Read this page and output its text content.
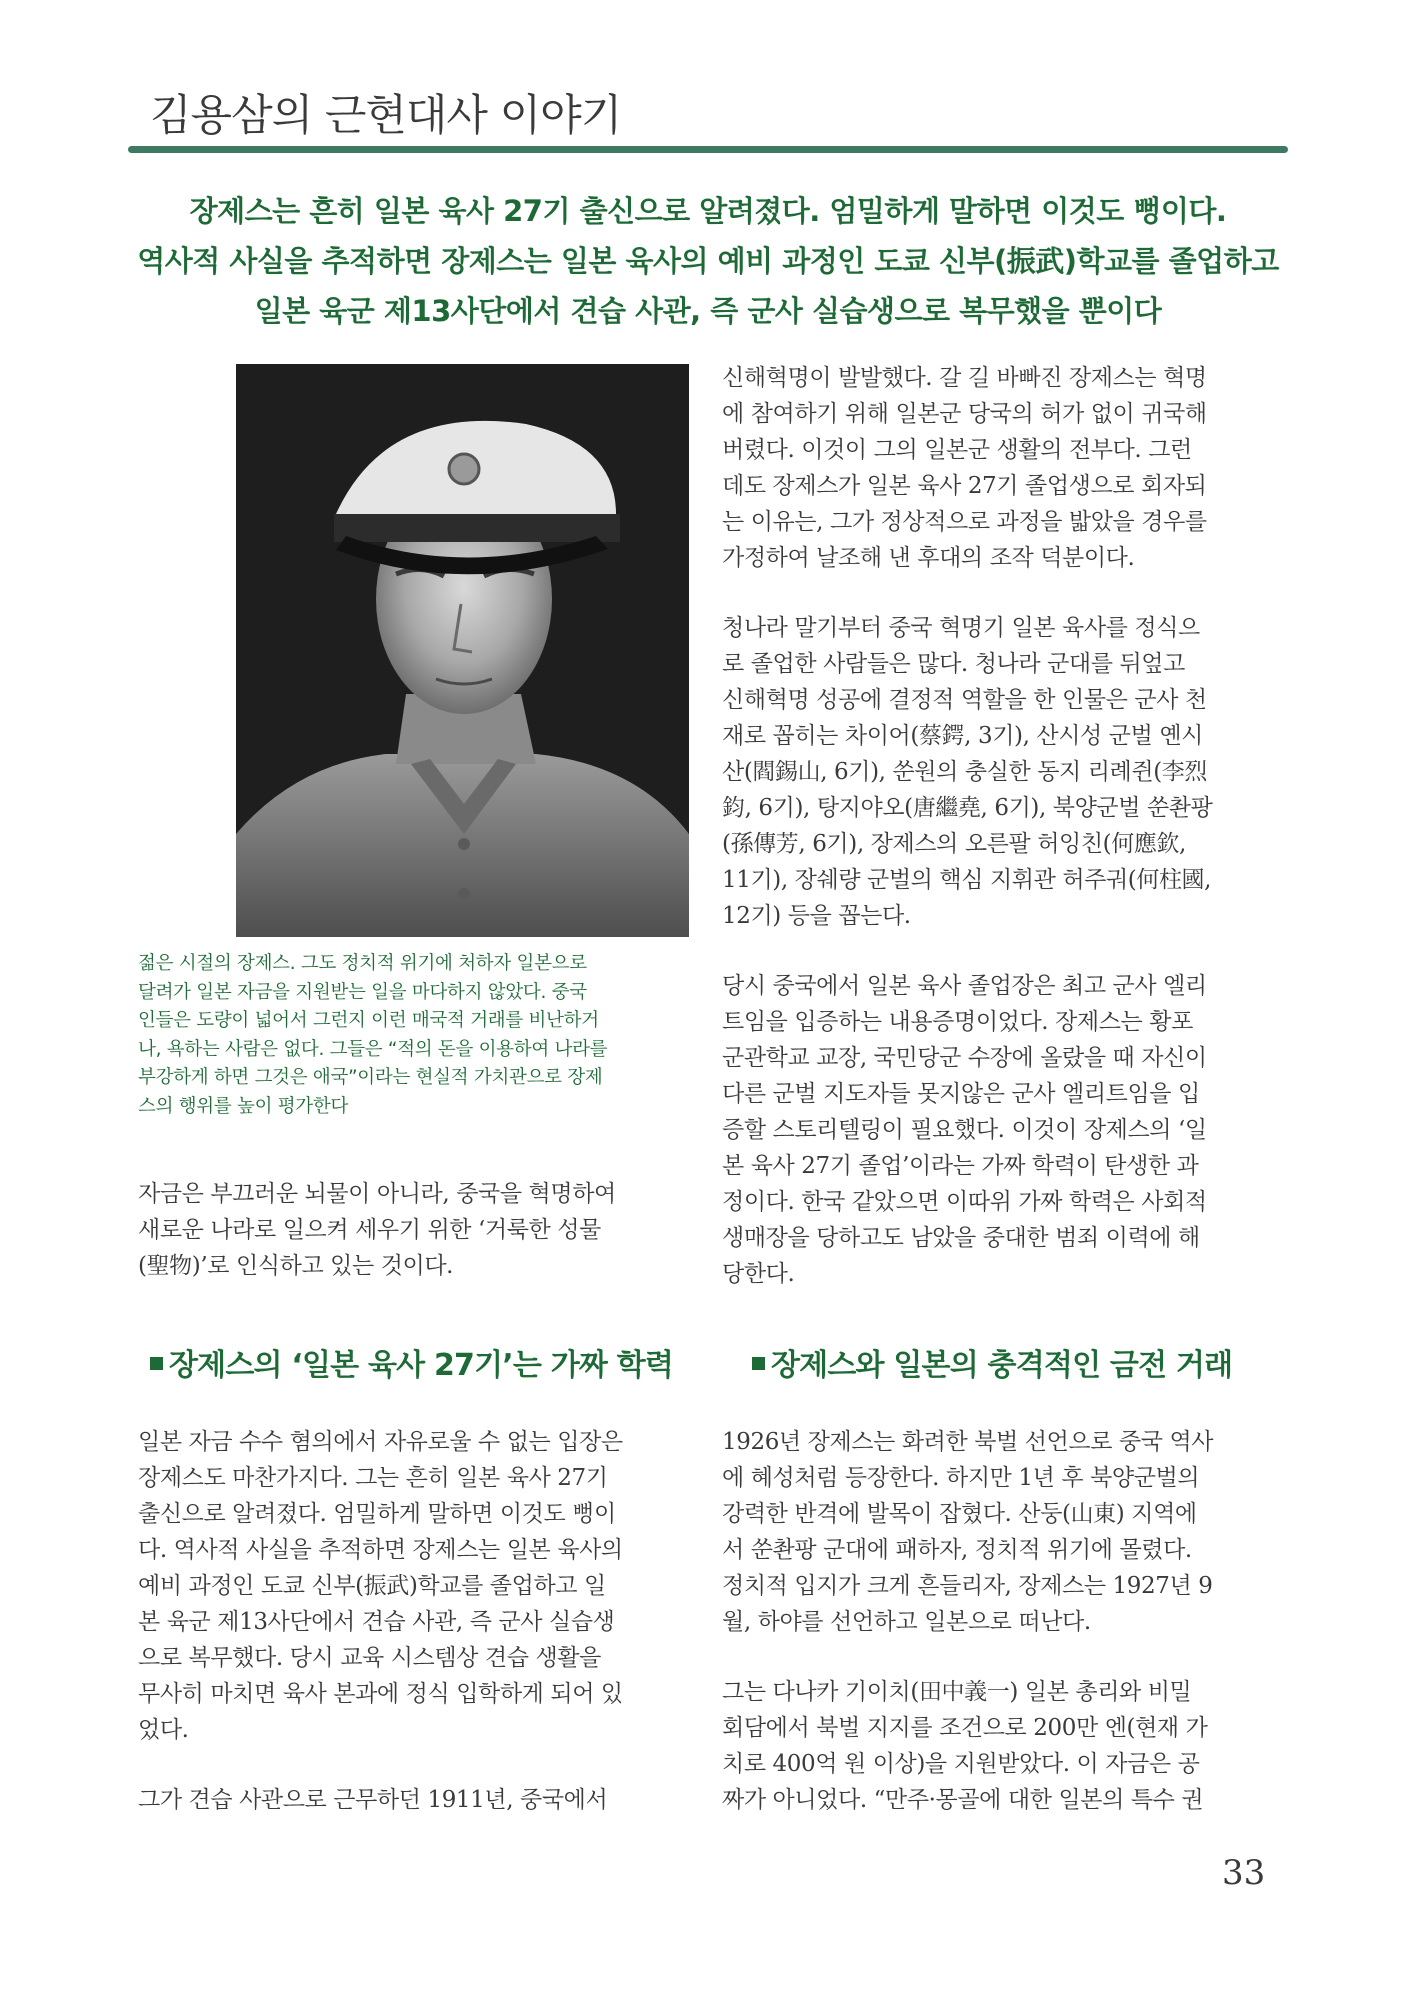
김용삼의 근현대사 이야기
장제스는 흔히 일본 육사 27기 출신으로 알려졌다. 엄밀하게 말하면 이것도 뻥이다.
역사적 사실을 추적하면 장제스는 일본 육사의 예비 과정인 도쿄 신부(振武)학교를 졸업하고
일본 육군 제13사단에서 견습 사관, 즉 군사 실습생으로 복무했을 뿐이다
젊은 시절의 장제스. 그도 정치적 위기에 처하자 일본으로
달려가 일본 자금을 지원받는 일을 마다하지 않았다. 중국
인들은 도량이 넓어서 그런지 이런 매국적 거래를 비난하거
나, 욕하는 사람은 없다. 그들은 “적의 돈을 이용하여 나라를
부강하게 하면 그것은 애국”이라는 현실적 가치관으로 장제
스의 행위를 높이 평가한다
자금은 부끄러운 뇌물이 아니라, 중국을 혁명하여
새로운 나라로 일으켜 세우기 위한 ‘거룩한 성물
(聖物)’로 인식하고 있는 것이다.

신해혁명이 발발했다. 갈 길 바빠진 장제스는 혁명
에 참여하기 위해 일본군 당국의 허가 없이 귀국해
버렸다. 이것이 그의 일본군 생활의 전부다. 그런
데도 장제스가 일본 육사 27기 졸업생으로 회자되
는 이유는, 그가 정상적으로 과정을 밟았을 경우를
가정하여 날조해 낸 후대의 조작 덕분이다.

청나라 말기부터 중국 혁명기 일본 육사를 정식으
로 졸업한 사람들은 많다. 청나라 군대를 뒤엎고
신해혁명 성공에 결정적 역할을 한 인물은 군사 천
재로 꼽히는 차이어(蔡鍔, 3기), 산시성 군벌 옌시
산(閻錫山, 6기), 쑨원의 충실한 동지 리례쥔(李烈
鈞, 6기), 탕지야오(唐繼堯, 6기), 북양군벌 쑨촨팡
(孫傳芳, 6기), 장제스의 오른팔 허잉친(何應欽,
11기), 장쉐량 군벌의 핵심 지휘관 허주궈(何柱國,
12기) 등을 꼽는다.

당시 중국에서 일본 육사 졸업장은 최고 군사 엘리
트임을 입증하는 내용증명이었다. 장제스는 황포
군관학교 교장, 국민당군 수장에 올랐을 때 자신이
다른 군벌 지도자들 못지않은 군사 엘리트임을 입
증할 스토리텔링이 필요했다. 이것이 장제스의 ‘일
본 육사 27기 졸업’이라는 가짜 학력이 탄생한 과
정이다. 한국 같았으면 이따위 가짜 학력은 사회적
생매장을 당하고도 남았을 중대한 범죄 이력에 해
당한다.

장제스의 ‘일본 육사 27기’는 가짜 학력	장제스와 일본의 충격적인 금전 거래

일본 자금 수수 혐의에서 자유로울 수 없는 입장은
장제스도 마찬가지다. 그는 흔히 일본 육사 27기
출신으로 알려졌다. 엄밀하게 말하면 이것도 뻥이
다. 역사적 사실을 추적하면 장제스는 일본 육사의
예비 과정인 도쿄 신부(振武)학교를 졸업하고 일
본 육군 제13사단에서 견습 사관, 즉 군사 실습생
으로 복무했다. 당시 교육 시스템상 견습 생활을
무사히 마치면 육사 본과에 정식 입학하게 되어 있
었다.

그가 견습 사관으로 근무하던 1911년, 중국에서

1926년 장제스는 화려한 북벌 선언으로 중국 역사
에 혜성처럼 등장한다. 하지만 1년 후 북양군벌의
강력한 반격에 발목이 잡혔다. 산둥(山東) 지역에
서 쑨촨팡 군대에 패하자, 정치적 위기에 몰렸다.
정치적 입지가 크게 흔들리자, 장제스는 1927년 9
월, 하야를 선언하고 일본으로 떠난다.

그는 다나카 기이치(田中義一) 일본 총리와 비밀
회담에서 북벌 지지를 조건으로 200만 엔(현재 가
치로 400억 원 이상)을 지원받았다. 이 자금은 공
짜가 아니었다. “만주·몽골에 대한 일본의 특수 권

33
